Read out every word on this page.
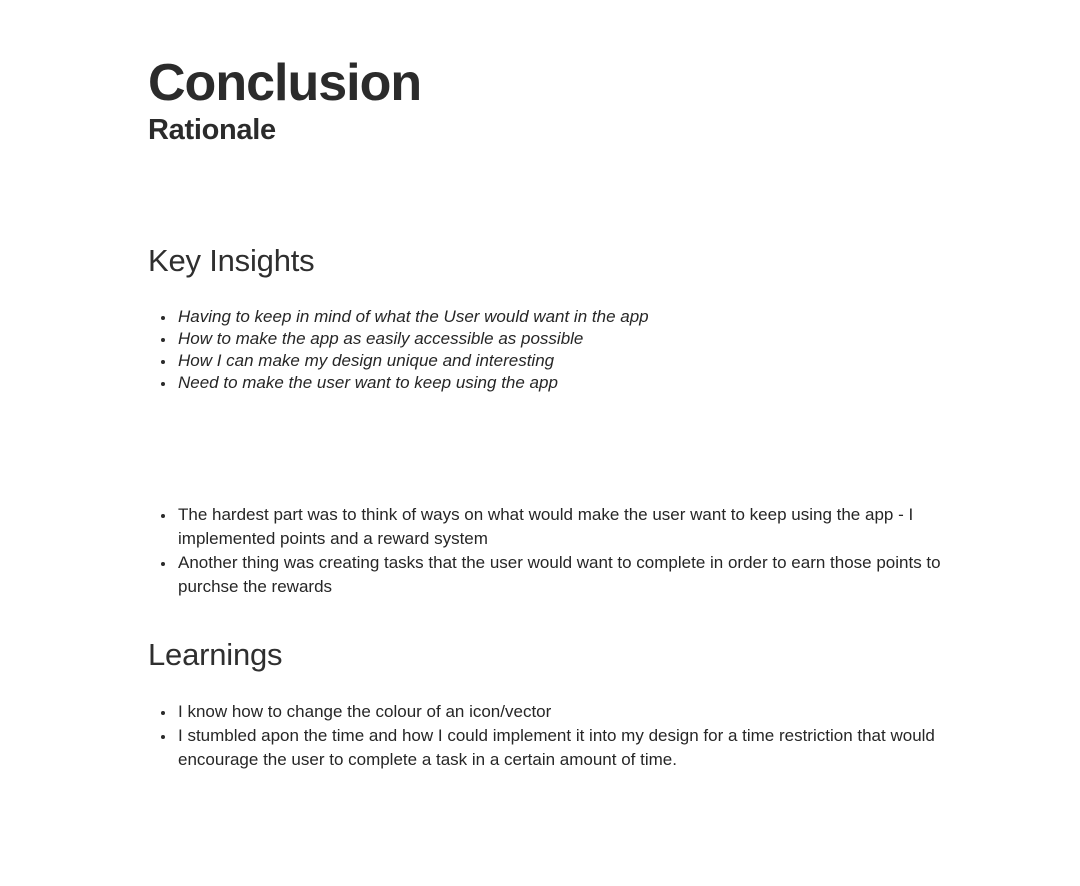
Conclusion
Rationale
Key Insights
• Having to keep in mind of what the User would want in the app
• How to make the app as easily accessible as possible
• How I can make my design unique and interesting
• Need to make the user want to keep using the app
• The hardest part was to think of ways on what would make the user want to keep using the app - I implemented points and a reward system
• Another thing was creating tasks that the user would want to complete in order to earn those points to purchse the rewards
Learnings
• I know how to change the colour of an icon/vector
• I stumbled apon the time and how I could implement it into my design for a time restriction that would encourage the user to complete a task in a certain amount of time.
